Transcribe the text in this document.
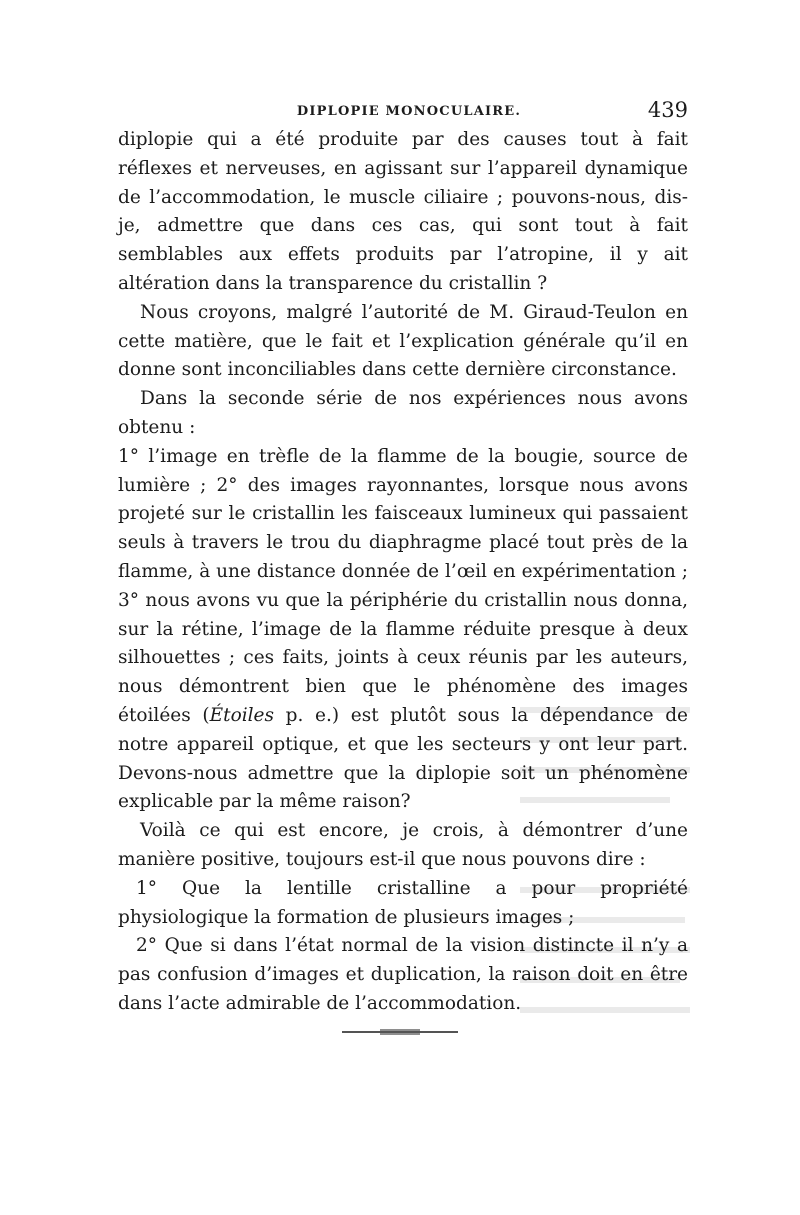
DIPLOPIE MONOCULAIRE.	439

diplopie qui a été produite par des causes tout à fait réflexes et nerveuses, en agissant sur l’appareil dynamique de l’accommodation, le muscle ciliaire ; pouvons-nous, dis-je, admettre que dans ces cas, qui sont tout à fait semblables aux effets produits par l’atropine, il y ait altération dans la transparence du cristallin ?

Nous croyons, malgré l’autorité de M. Giraud-Teulon en cette matière, que le fait et l’explication générale qu’il en donne sont inconciliables dans cette dernière circonstance.

Dans la seconde série de nos expériences nous avons obtenu :

1° l’image en trèfle de la flamme de la bougie, source de lumière ; 2° des images rayonnantes, lorsque nous avons projeté sur le cristallin les faisceaux lumineux qui passaient seuls à travers le trou du diaphragme placé tout près de la flamme, à une distance donnée de l’œil en expérimentation ; 3° nous avons vu que la périphérie du cristallin nous donna, sur la rétine, l’image de la flamme réduite presque à deux silhouettes ; ces faits, joints à ceux réunis par les auteurs, nous démontrent bien que le phénomène des images étoilées (Étoiles p. e.) est plutôt sous la dépendance de notre appareil optique, et que les secteurs y ont leur part. Devons-nous admettre que la diplopie soit un phénomène explicable par la même raison?

Voilà ce qui est encore, je crois, à démontrer d’une manière positive, toujours est-il que nous pouvons dire :

1° Que la lentille cristalline a pour propriété physiologique la formation de plusieurs images ;

2° Que si dans l’état normal de la vision distincte il n’y a pas confusion d’images et duplication, la raison doit en être dans l’acte admirable de l’accommodation.
